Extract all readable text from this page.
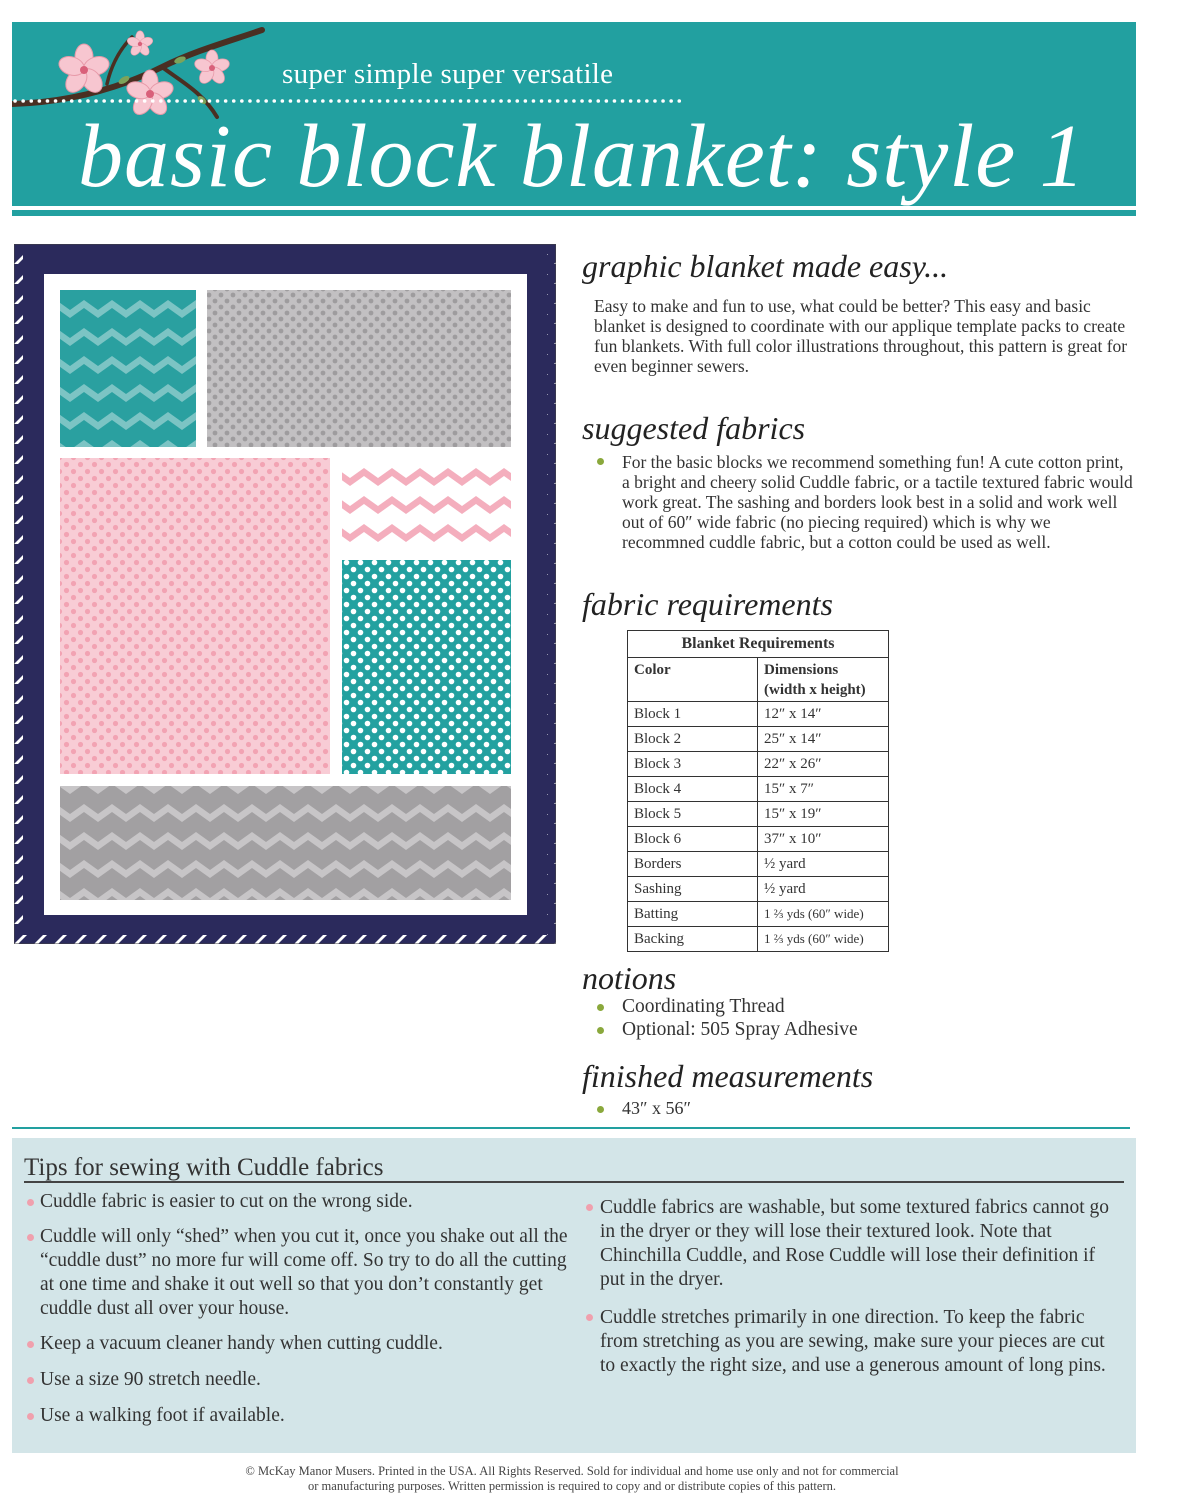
super simple super versatile
basic block blanket: style 1
graphic blanket made easy...
Easy to make and fun to use, what could be better? This easy and basic blanket is designed to coordinate with our applique template packs to create fun blankets. With full color illustrations throughout, this pattern is great for even beginner sewers.
suggested fabrics
For the basic blocks we recommend something fun! A cute cotton print, a bright and cheery solid Cuddle fabric, or a tactile textured fabric would work great. The sashing and borders look best in a solid and work well out of 60″ wide fabric (no piecing required) which is why we recommned cuddle fabric, but a cotton could be used as well.
fabric requirements
Blanket Requirements	
Color	Dimensions
(width x height)
Block 1	12″ x 14″
Block 2	25″ x 14″
Block 3	22″ x 26″
Block 4	15″ x 7″
Block 5	15″ x 19″
Block 6	37″ x 10″
Borders	½ yard
Sashing	½ yard
Batting	1 ⅔ yds (60″ wide)
Backing	1 ⅔ yds (60″ wide)
notions
Coordinating Thread
Optional: 505 Spray Adhesive
finished measurements
43″ x 56″
Tips for sewing with Cuddle fabrics
Cuddle fabric is easier to cut on the wrong side.
Cuddle will only “shed” when you cut it, once you shake out all the “cuddle dust” no more fur will come off. So try to do all the cutting at one time and shake it out well so that you don’t constantly get cuddle dust all over your house.
Keep a vacuum cleaner handy when cutting cuddle.
Use a size 90 stretch needle.
Use a walking foot if available.
Cuddle fabrics are washable, but some textured fabrics cannot go in the dryer or they will lose their textured look. Note that Chinchilla Cuddle, and Rose Cuddle will lose their definition if put in the dryer.
Cuddle stretches primarily in one direction. To keep the fabric from stretching as you are sewing, make sure your pieces are cut to exactly the right size, and use a generous amount of long pins.
© McKay Manor Musers. Printed in the USA. All Rights Reserved. Sold for individual and home use only and not for commercial
or manufacturing purposes. Written permission is required to copy and or distribute copies of this pattern.
